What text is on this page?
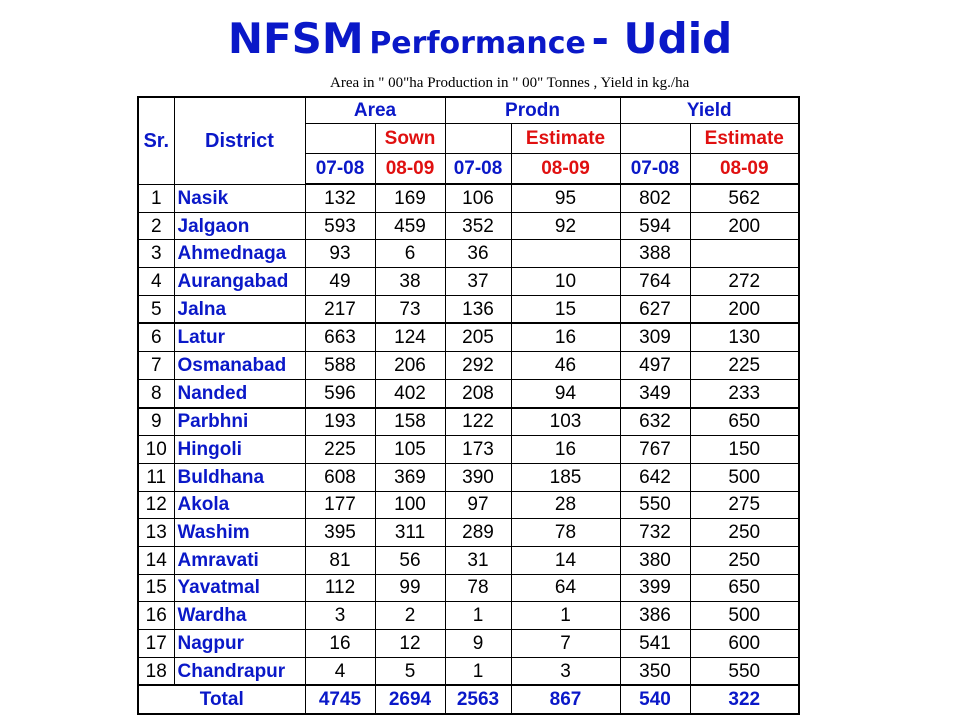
NFSM Performance - Udid
Area in " 00"ha Production in " 00" Tonnes , Yield in kg./ha
Sr.	District	Area		Prodn		Yield	
			Sown		Estimate		Estimate
		07-08	08-09	07-08	08-09	07-08	08-09
1	Nasik	132	169	106	95	802	562
2	Jalgaon	593	459	352	92	594	200
3	Ahmednaga	93	6	36		388	
4	Aurangabad	49	38	37	10	764	272
5	Jalna	217	73	136	15	627	200
6	Latur	663	124	205	16	309	130
7	Osmanabad	588	206	292	46	497	225
8	Nanded	596	402	208	94	349	233
9	Parbhni	193	158	122	103	632	650
10	Hingoli	225	105	173	16	767	150
11	Buldhana	608	369	390	185	642	500
12	Akola	177	100	97	28	550	275
13	Washim	395	311	289	78	732	250
14	Amravati	81	56	31	14	380	250
15	Yavatmal	112	99	78	64	399	650
16	Wardha	3	2	1	1	386	500
17	Nagpur	16	12	9	7	541	600
18	Chandrapur	4	5	1	3	350	550
Total		4745	2694	2563	867	540	322
